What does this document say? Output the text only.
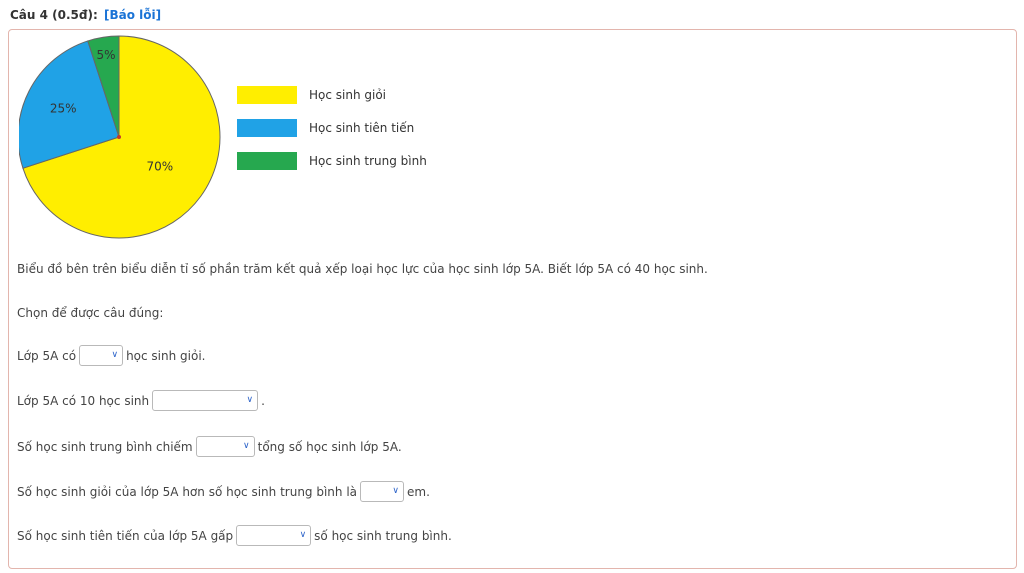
Câu 4 (0.5đ): [Báo lỗi]
70%
25%
5%
Học sinh giỏi
Học sinh tiên tiến
Học sinh trung bình
Biểu đồ bên trên biểu diễn tỉ số phần trăm kết quả xếp loại học lực của học sinh lớp 5A. Biết lớp 5A có 40 học sinh.
Chọn để được câu đúng:
Lớp 5A có	∨ học sinh giỏi.
Lớp 5A có 10 học sinh	∨ .
Số học sinh trung bình chiếm	∨ tổng số học sinh lớp 5A.
Số học sinh giỏi của lớp 5A hơn số học sinh trung bình là	∨ em.
Số học sinh tiên tiến của lớp 5A gấp	∨ số học sinh trung bình.
